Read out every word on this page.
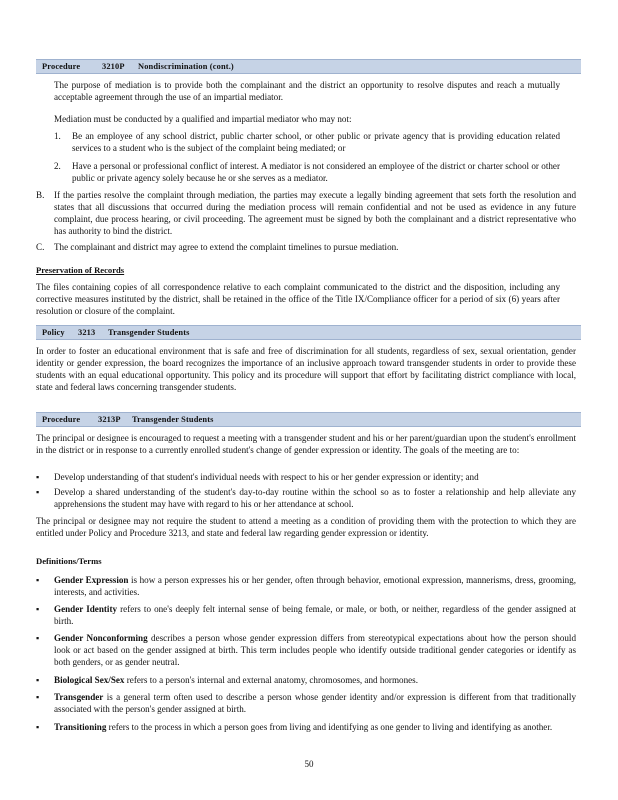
Procedure	3210P Nondiscrimination (cont.)
The purpose of mediation is to provide both the complainant and the district an opportunity to resolve disputes and reach a mutually acceptable agreement through the use of an impartial mediator.
Mediation must be conducted by a qualified and impartial mediator who may not:
1. Be an employee of any school district, public charter school, or other public or private agency that is providing education related services to a student who is the subject of the complaint being mediated; or
2. Have a personal or professional conflict of interest. A mediator is not considered an employee of the district or charter school or other public or private agency solely because he or she serves as a mediator.
B. If the parties resolve the complaint through mediation, the parties may execute a legally binding agreement that sets forth the resolution and states that all discussions that occurred during the mediation process will remain confidential and not be used as evidence in any future complaint, due process hearing, or civil proceeding. The agreement must be signed by both the complainant and a district representative who has authority to bind the district.
C. The complainant and district may agree to extend the complaint timelines to pursue mediation.
Preservation of Records
The files containing copies of all correspondence relative to each complaint communicated to the district and the disposition, including any corrective measures instituted by the district, shall be retained in the office of the Title IX/Compliance officer for a period of six (6) years after resolution or closure of the complaint.
Policy 3213 Transgender Students
In order to foster an educational environment that is safe and free of discrimination for all students, regardless of sex, sexual orientation, gender identity or gender expression, the board recognizes the importance of an inclusive approach toward transgender students in order to provide these students with an equal educational opportunity. This policy and its procedure will support that effort by facilitating district compliance with local, state and federal laws concerning transgender students.
Procedure 3213P Transgender Students
The principal or designee is encouraged to request a meeting with a transgender student and his or her parent/guardian upon the student's enrollment in the district or in response to a currently enrolled student's change of gender expression or identity. The goals of the meeting are to:
▪ Develop understanding of that student's individual needs with respect to his or her gender expression or identity; and
▪ Develop a shared understanding of the student's day-to-day routine within the school so as to foster a relationship and help alleviate any apprehensions the student may have with regard to his or her attendance at school.
The principal or designee may not require the student to attend a meeting as a condition of providing them with the protection to which they are entitled under Policy and Procedure 3213, and state and federal law regarding gender expression or identity.
Definitions/Terms
▪ Gender Expression is how a person expresses his or her gender, often through behavior, emotional expression, mannerisms, dress, grooming, interests, and activities.
▪ Gender Identity refers to one's deeply felt internal sense of being female, or male, or both, or neither, regardless of the gender assigned at birth.
▪ Gender Nonconforming describes a person whose gender expression differs from stereotypical expectations about how the person should look or act based on the gender assigned at birth. This term includes people who identify outside traditional gender categories or identify as both genders, or as gender neutral.
▪ Biological Sex/Sex refers to a person's internal and external anatomy, chromosomes, and hormones.
▪ Transgender is a general term often used to describe a person whose gender identity and/or expression is different from that traditionally associated with the person's gender assigned at birth.
▪ Transitioning refers to the process in which a person goes from living and identifying as one gender to living and identifying as another.
50
